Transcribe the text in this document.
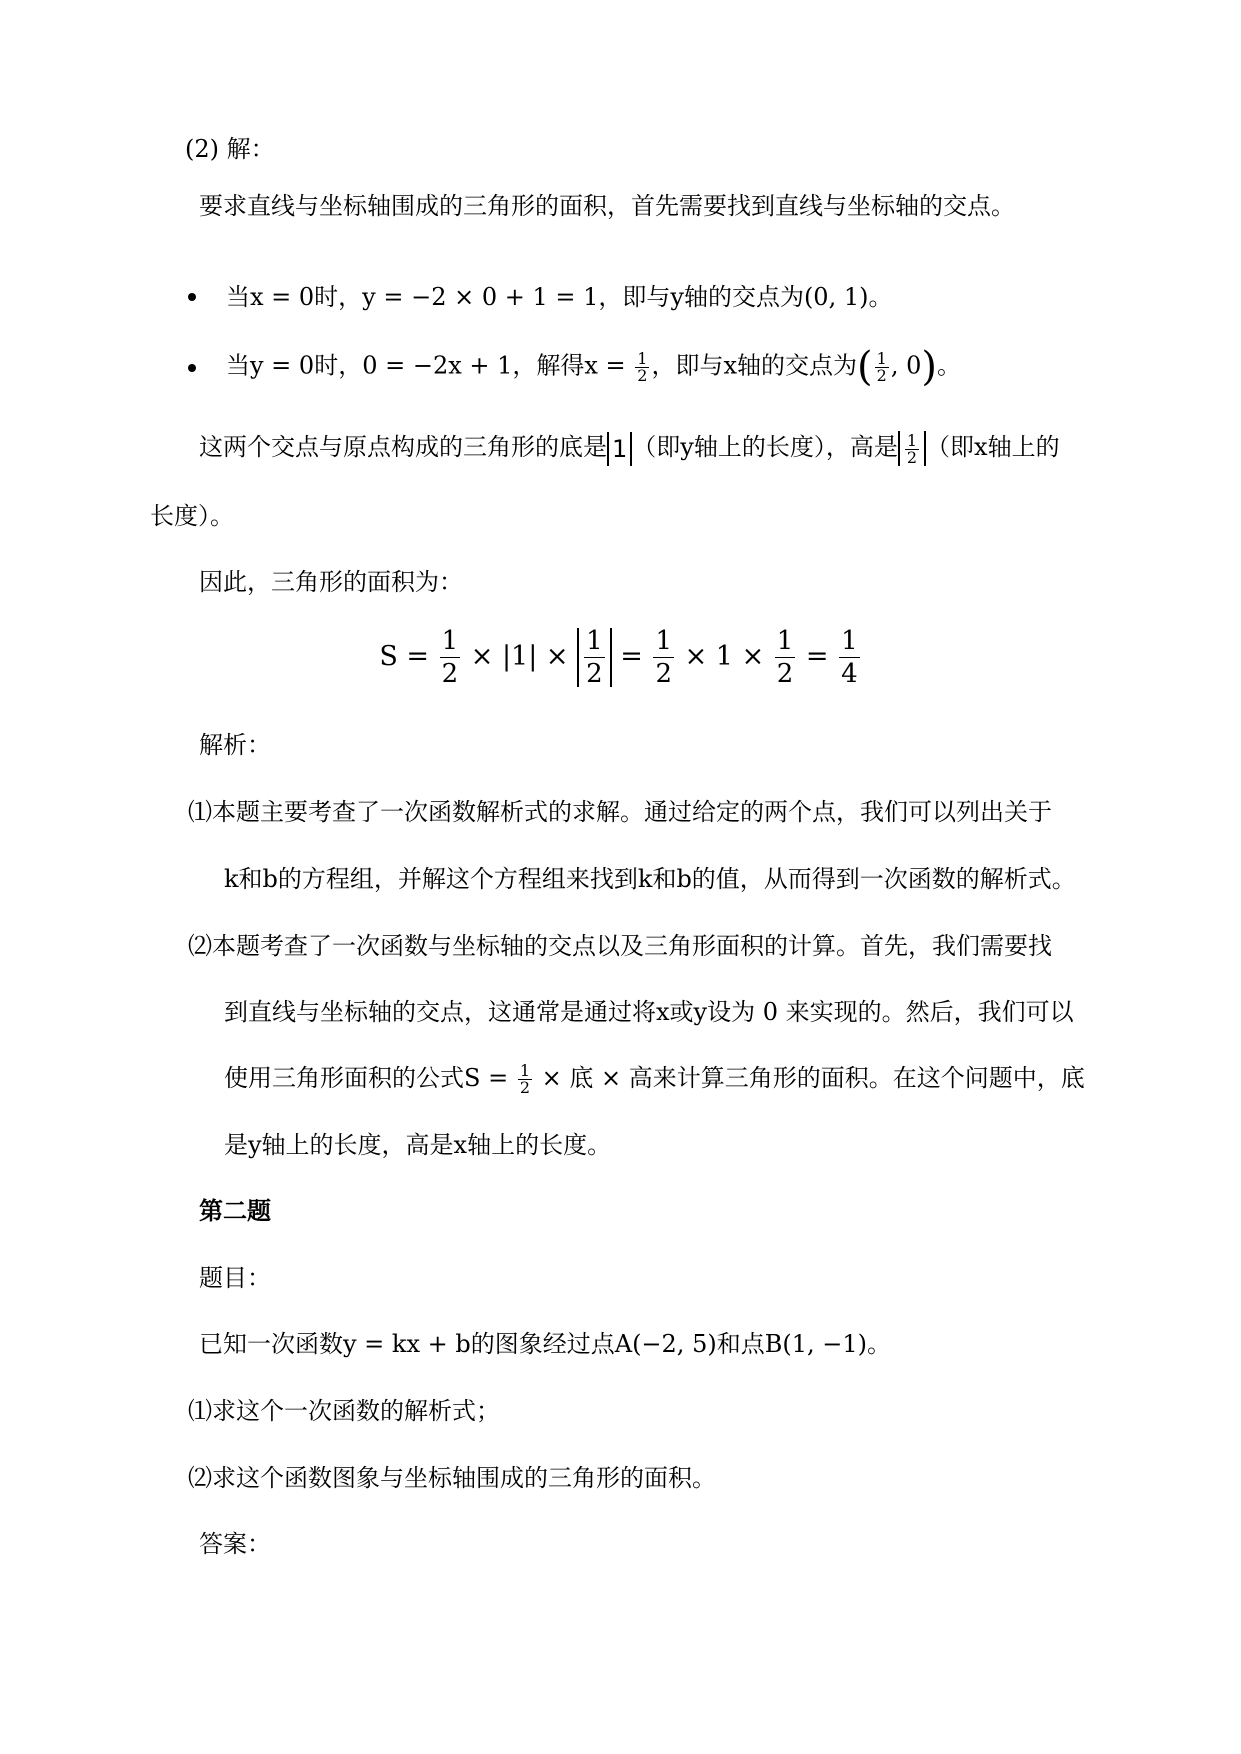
(2) 解：
要求直线与坐标轴围成的三角形的面积，首先需要找到直线与坐标轴的交点。
当x = 0时，y = −2 × 0 + 1 = 1，即与y轴的交点为(0, 1)。
当y = 0时，0 = −2x + 1，解得$x = \frac{1}{2}$ ，即与x轴的交点为( $\frac{1}{2}$ , 0)。
这两个交点与原点构成的三角形的底是 1 （即y轴上的长度），高是 $\frac{1}{2}$ （即x轴上的
长度）。
因此，三角形的面积为：
$S = \frac{1}{2} \times |1| \times \frac{1}{2} = \frac{1}{2} \times 1 \times \frac{1}{2} = \frac{1}{4}$
解析：
⑴本题主要考查了一次函数解析式的求解。通过给定的两个点，我们可以列出关于
k和b的方程组，并解这个方程组来找到k和b的值，从而得到一次函数的解析式。
⑵本题考查了一次函数与坐标轴的交点以及三角形面积的计算。首先，我们需要找
到直线与坐标轴的交点，这通常是通过将x或y设为 0 来实现的。然后，我们可以
使用三角形面积的公式$S = \frac{1}{2}$ × 底 × 高来计算三角形的面积。在这个问题中，底
是y轴上的长度，高是x轴上的长度。
第二题
题目：
已知一次函数y = kx + b的图象经过点A(−2, 5)和点B(1, −1)。
⑴求这个一次函数的解析式；
⑵求这个函数图象与坐标轴围成的三角形的面积。
答案：
